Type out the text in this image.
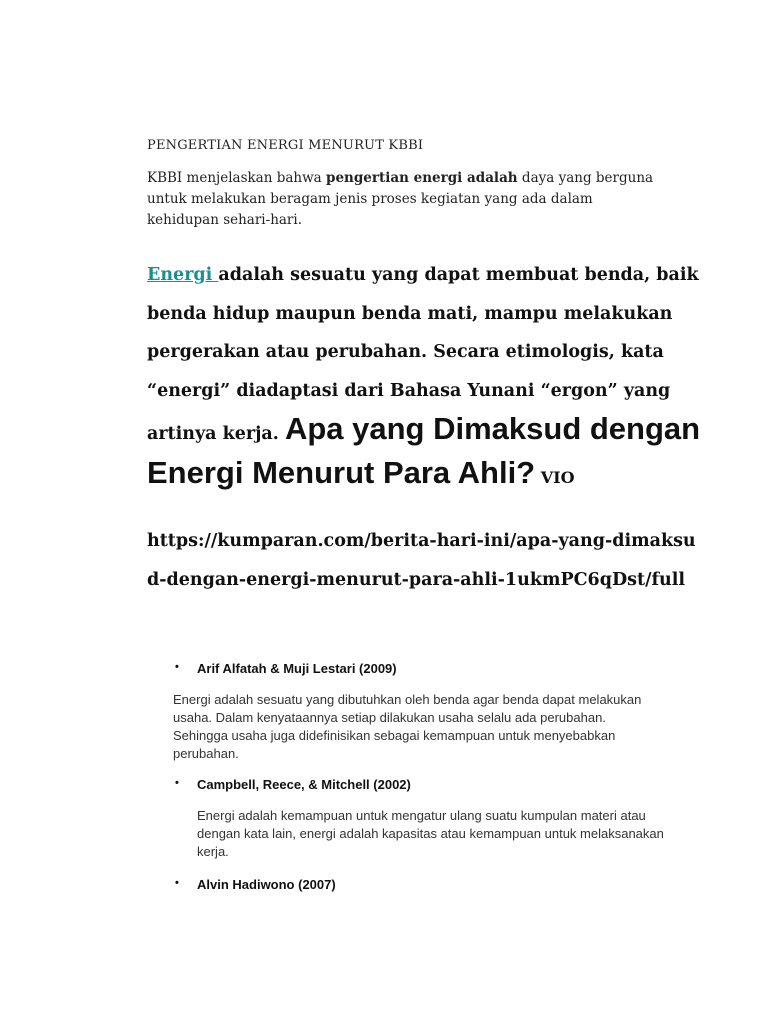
PENGERTIAN ENERGI MENURUT KBBI
KBBI menjelaskan bahwa pengertian energi adalah daya yang berguna untuk melakukan beragam jenis proses kegiatan yang ada dalam kehidupan sehari-hari.
Energi adalah sesuatu yang dapat membuat benda, baik benda hidup maupun benda mati, mampu melakukan pergerakan atau perubahan. Secara etimologis, kata “energi” diadaptasi dari Bahasa Yunani “ergon” yang artinya kerja. Apa yang Dimaksud dengan Energi Menurut Para Ahli? VIO
https://kumparan.com/berita-hari-ini/apa-yang-dimaksud-dengan-energi-menurut-para-ahli-1ukmPC6qDst/full
• Arif Alfatah & Muji Lestari (2009)
Energi adalah sesuatu yang dibutuhkan oleh benda agar benda dapat melakukan usaha. Dalam kenyataannya setiap dilakukan usaha selalu ada perubahan. Sehingga usaha juga didefinisikan sebagai kemampuan untuk menyebabkan perubahan.
• Campbell, Reece, & Mitchell (2002)
Energi adalah kemampuan untuk mengatur ulang suatu kumpulan materi atau dengan kata lain, energi adalah kapasitas atau kemampuan untuk melaksanakan kerja.
• Alvin Hadiwono (2007)
